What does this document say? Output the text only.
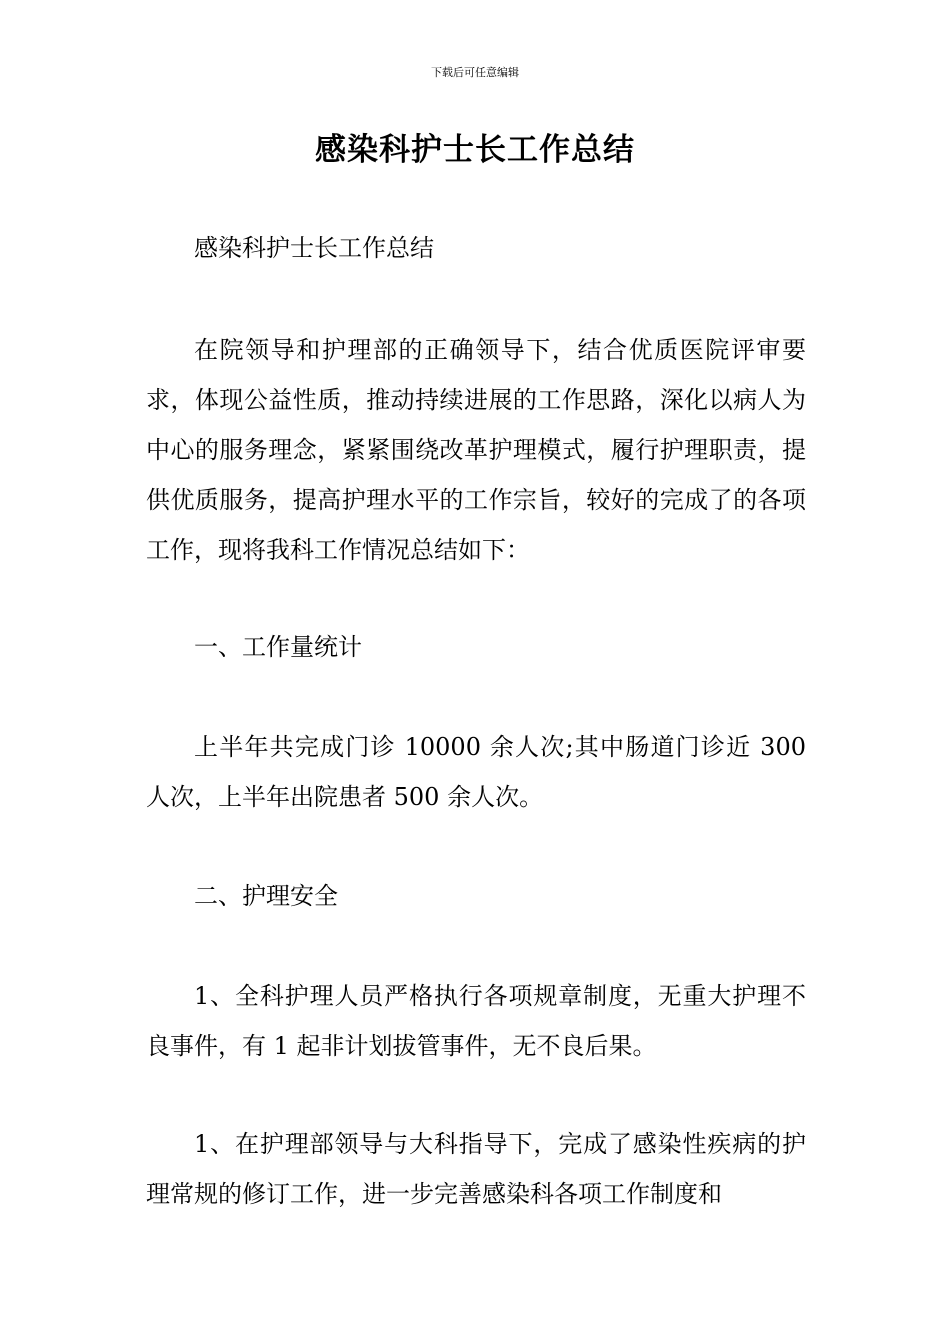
下载后可任意编辑
感染科护士长工作总结
感染科护士长工作总结
在院领导和护理部的正确领导下，结合优质医院评审要求，体现公益性质，推动持续进展的工作思路，深化以病人为中心的服务理念，紧紧围绕改革护理模式，履行护理职责，提供优质服务，提高护理水平的工作宗旨，较好的完成了的各项工作，现将我科工作情况总结如下：
一、工作量统计
上半年共完成门诊 10000 余人次;其中肠道门诊近 300 人次，上半年出院患者 500 余人次。
二、护理安全
1、全科护理人员严格执行各项规章制度，无重大护理不良事件，有 1 起非计划拔管事件，无不良后果。
1、在护理部领导与大科指导下，完成了感染性疾病的护理常规的修订工作，进一步完善感染科各项工作制度和
